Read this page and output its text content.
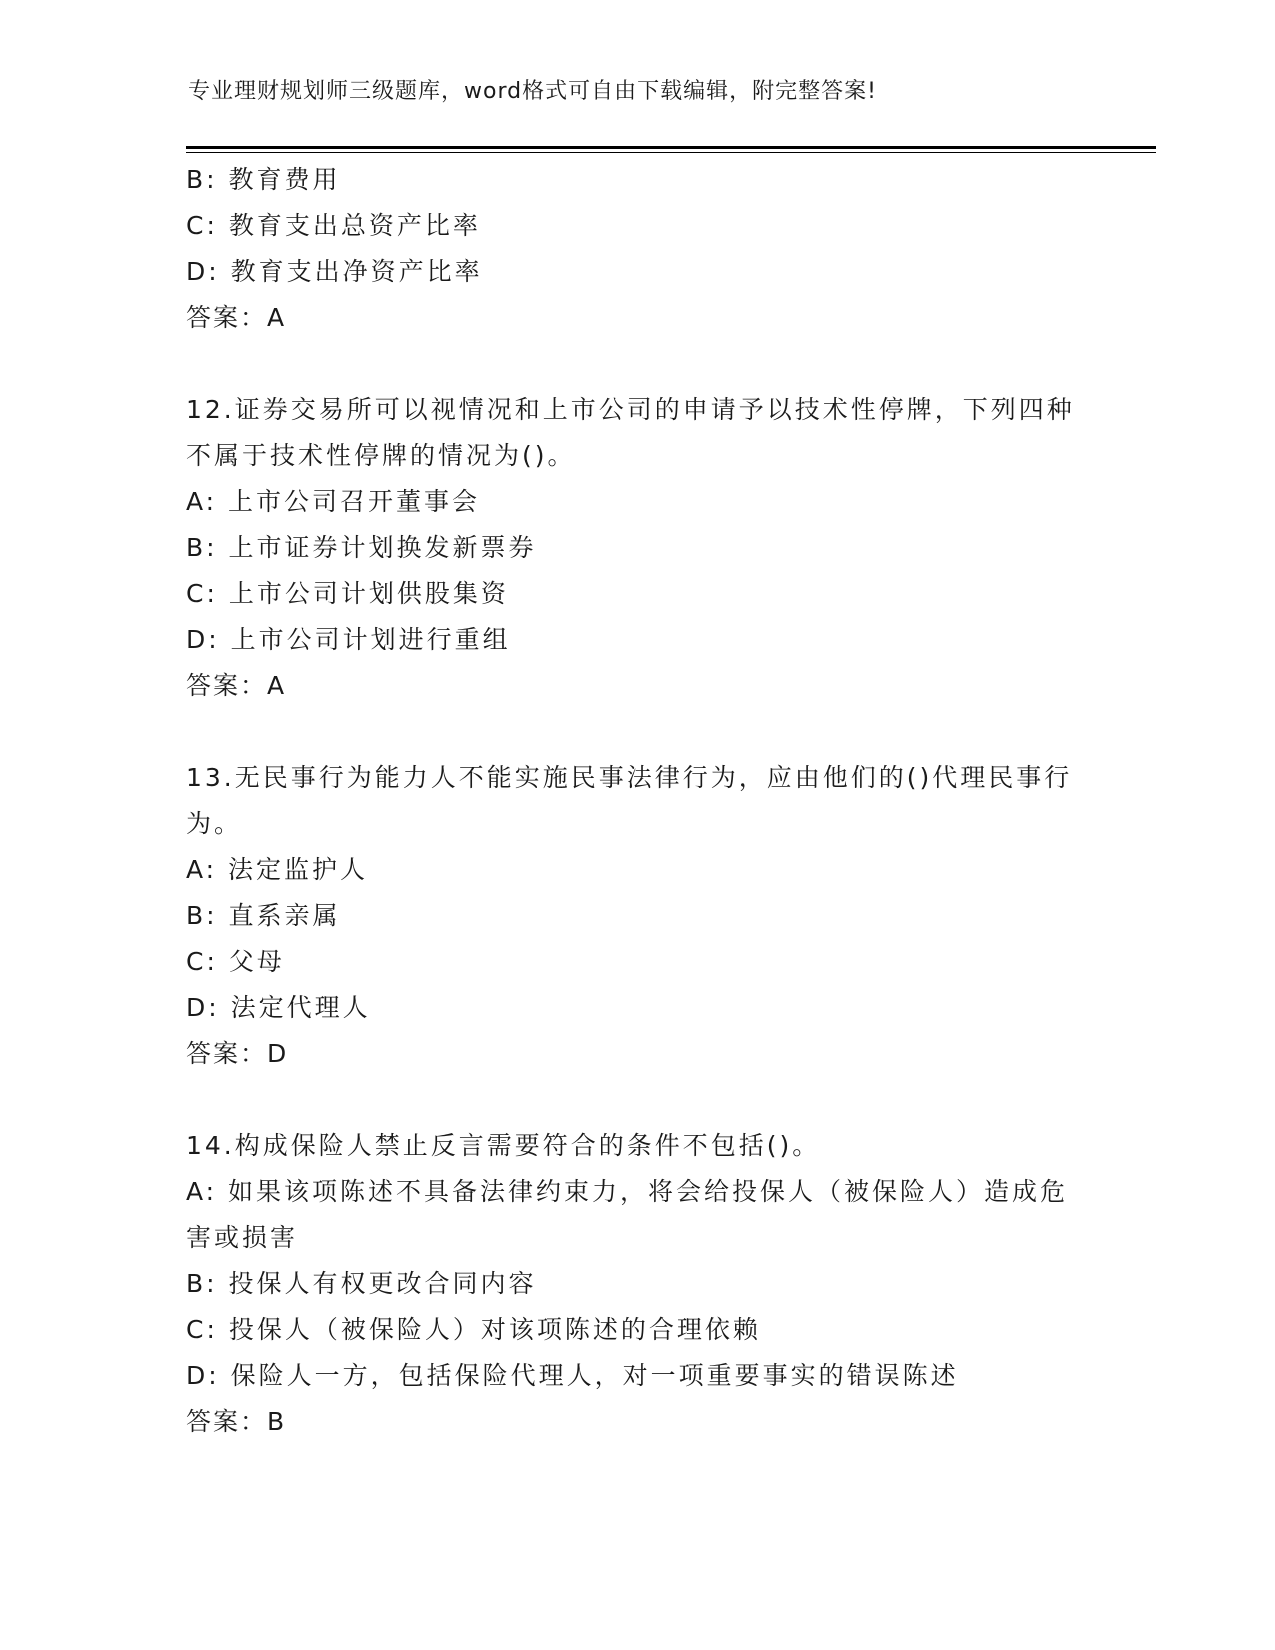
专业理财规划师三级题库，word格式可自由下载编辑，附完整答案!
B: 教育费用
C: 教育支出总资产比率
D: 教育支出净资产比率
答案：A
12.证券交易所可以视情况和上市公司的申请予以技术性停牌，下列四种不属于技术性停牌的情况为()。
A: 上市公司召开董事会
B: 上市证券计划换发新票券
C: 上市公司计划供股集资
D: 上市公司计划进行重组
答案：A
13.无民事行为能力人不能实施民事法律行为，应由他们的()代理民事行为。
A: 法定监护人
B: 直系亲属
C: 父母
D: 法定代理人
答案：D
14.构成保险人禁止反言需要符合的条件不包括()。
A: 如果该项陈述不具备法律约束力，将会给投保人（被保险人）造成危害或损害
B: 投保人有权更改合同内容
C: 投保人（被保险人）对该项陈述的合理依赖
D: 保险人一方，包括保险代理人，对一项重要事实的错误陈述
答案：B
